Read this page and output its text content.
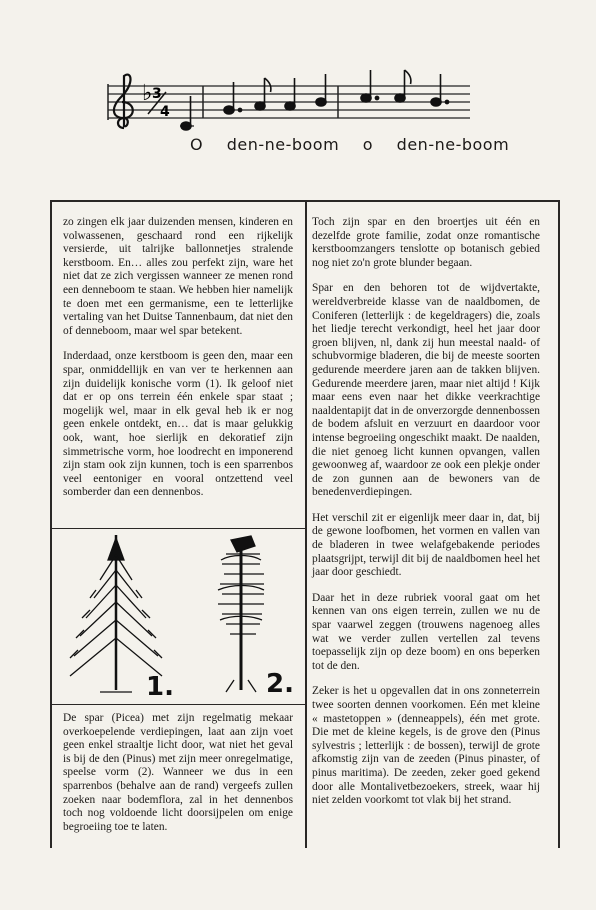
♭ 3
4
O den-ne-boom o den-ne-boom

zo zingen elk jaar duizenden mensen, kinderen en volwassenen, geschaard rond een rijkelijk versierde, uit talrijke ballonnetjes stralende kerstboom. En… alles zou perfekt zijn, ware het niet dat ze zich vergissen wanneer ze menen rond een denneboom te staan. We hebben hier namelijk te doen met een germanisme, een te letterlijke vertaling van het Duitse Tannenbaum, dat niet den of denneboom, maar wel spar betekent.

Inderdaad, onze kerstboom is geen den, maar een spar, onmiddellijk en van ver te herkennen aan zijn duidelijk konische vorm (1). Ik geloof niet dat er op ons terrein één enkele spar staat ; mogelijk wel, maar in elk geval heb ik er nog geen enkele ontdekt, en… dat is maar gelukkig ook, want, hoe sierlijk en dekoratief zijn simmetrische vorm, hoe loodrecht en imponerend zijn stam ook zijn kunnen, toch is een sparrenbos veel eentoniger en vooral ontzettend veel somberder dan een dennenbos.

1.	2.

De spar (Picea) met zijn regelmatig mekaar overkoepelende verdiepingen, laat aan zijn voet geen enkel straaltje licht door, wat niet het geval is bij de den (Pinus) met zijn meer onregelmatige, speelse vorm (2). Wanneer we dus in een sparrenbos (behalve aan de rand) vergeefs zullen zoeken naar bodemflora, zal in het dennenbos toch nog voldoende licht doorsijpelen om enige begroeiing toe te laten.

Toch zijn spar en den broertjes uit één en dezelfde grote familie, zodat onze romantische kerstboomzangers tenslotte op botanisch gebied nog niet zo'n grote blunder begaan.

Spar en den behoren tot de wijdvertakte, wereldverbreide klasse van de naaldbomen, de Coniferen (letterlijk : de kegeldragers) die, zoals het liedje terecht verkondigt, heel het jaar door groen blijven, nl, dank zij hun meestal naald- of schubvormige bladeren, die bij de meeste soorten gedurende meerdere jaren aan de takken blijven. Gedurende meerdere jaren, maar niet altijd ! Kijk maar eens even naar het dikke veerkrachtige naaldentapijt dat in de onverzorgde dennenbossen de bodem afsluit en verzuurt en daardoor voor intense begroeiing ongeschikt maakt. De naalden, die niet genoeg licht kunnen opvangen, vallen gewoonweg af, waardoor ze ook een plekje onder de zon gunnen aan de bewoners van de benedenverdiepingen.

Het verschil zit er eigenlijk meer daar in, dat, bij de gewone loofbomen, het vormen en vallen van de bladeren in twee welafgebakende periodes plaatsgrijpt, terwijl dit bij de naaldbomen heel het jaar door geschiedt.

Daar het in deze rubriek vooral gaat om het kennen van ons eigen terrein, zullen we nu de spar vaarwel zeggen (trouwens nagenoeg alles wat we verder zullen vertellen zal tevens toepasselijk zijn op deze boom) en ons beperken tot de den.

Zeker is het u opgevallen dat in ons zonneterrein twee soorten dennen voorkomen. Eén met kleine « mastetoppen » (denneappels), één met grote. Die met de kleine kegels, is de grove den (Pinus sylvestris ; letterlijk : de bossen), terwijl de grote afkomstig zijn van de zeeden (Pinus pinaster, of pinus maritima). De zeeden, zeker goed gekend door alle Montalivetbezoekers, streek, waar hij niet zelden voorkomt tot vlak bij het strand.
